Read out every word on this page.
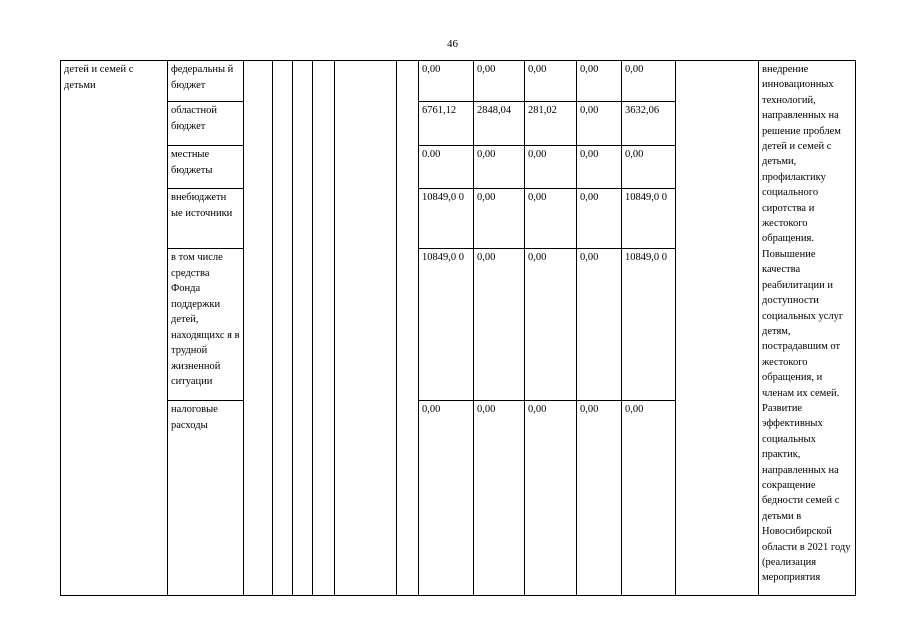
46
детей и семей с детьми	федеральны й бюджет							0,00	0,00	0,00	0,00	0,00		внедрение инновационных технологий, направленных на решение проблем детей и семей с детьми, профилактику социального сиротства и жестокого обращения. Повышение качества реабилитации и доступности социальных услуг детям, пострадавшим от жестокого обращения, и членам их семей. Развитие эффективных социальных практик, направленных на сокращение бедности семей с детьми в Новосибирской области в 2021 году (реализация мероприятия
	областной бюджет							6761,12	2848,04	281,02	0,00	3632,06		
	местные бюджеты							0.00	0,00	0,00	0,00	0,00		
	внебюджетн ые источники							10849,0 0	0,00	0,00	0,00	10849,0 0		
	в том числе средства Фонда поддержки детей, находящихс я в трудной жизненной ситуации							10849,0 0	0,00	0,00	0,00	10849,0 0		
	налоговые расходы							0,00	0,00	0,00	0,00	0,00		
